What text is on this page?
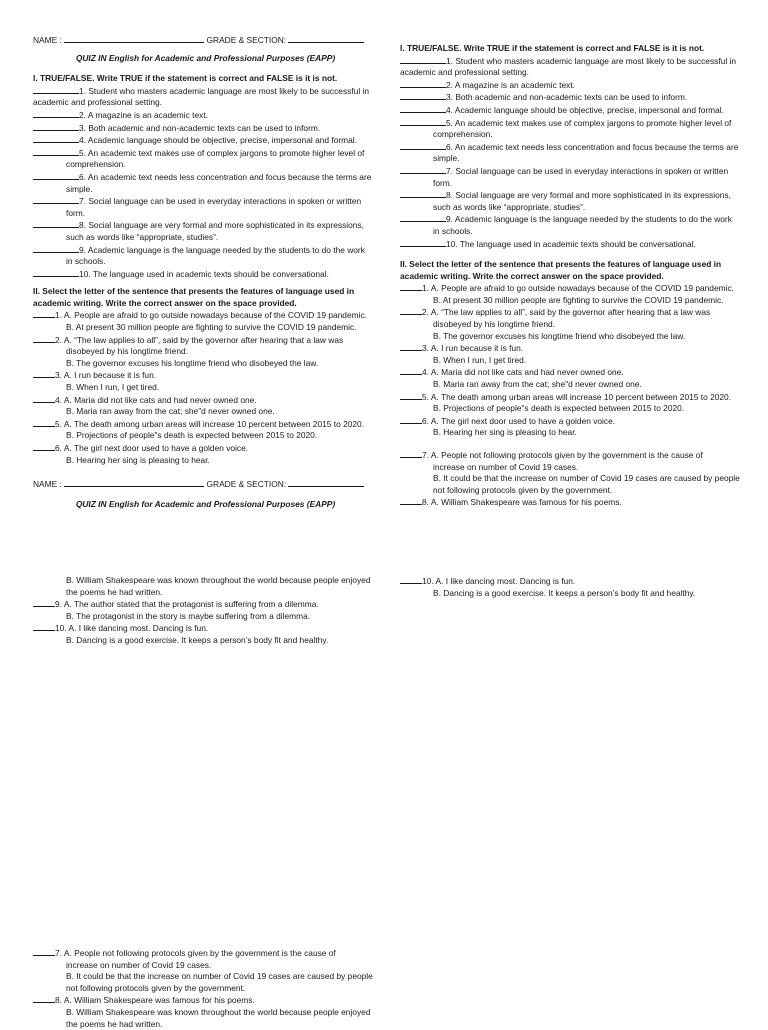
NAME :	GRADE & SECTION:
QUIZ IN English for Academic and Professional Purposes (EAPP)
I. TRUE/FALSE. Write TRUE if the statement is correct and FALSE is it is not.
1. Student who masters academic language are most likely to be successful in
academic and professional setting.
2. A magazine is an academic text.
3. Both academic and non-academic texts can be used to inform.
4. Academic language should be objective, precise, impersonal and formal.
5. An academic text makes use of complex jargons to promote higher level of
comprehension.
6. An academic text needs less concentration and focus because the terms are
simple.
7. Social language can be used in everyday interactions in spoken or written
form.
8. Social language are very formal and more sophisticated in its expressions,
such as words like “appropriate, studies”.
9. Academic language is the language needed by the students to do the work
in schools.
10. The language used in academic texts should be conversational.
II. Select the letter of the sentence that presents the features of language used in
academic writing. Write the correct answer on the space provided.
1. A. People are afraid to go outside nowadays because of the COVID 19 pandemic.
B. At present 30 million people are fighting to survive the COVID 19 pandemic.
2. A. “The law applies to all”, said by the governor after hearing that a law was
disobeyed by his longtime friend.
B. The governor excuses his longtime friend who disobeyed the law.
3. A. I run because it is fun.
B. When I run, I get tired.
4. A. Maria did not like cats and had never owned one.
B. Maria ran away from the cat; she"d never owned one.
5. A. The death among urban areas will increase 10 percent between 2015 to 2020.
B. Projections of people"s death is expected between 2015 to 2020.
6. A. The girl next door used to have a golden voice.
B. Hearing her sing is pleasing to hear.
NAME :	GRADE & SECTION:
QUIZ IN English for Academic and Professional Purposes (EAPP)
B. William Shakespeare was known throughout the world because people enjoyed
the poems he had written.
9. A. The author stated that the protagonist is suffering from a dilemma.
B. The protagonist in the story is maybe suffering from a dilemma.
10. A. I like dancing most. Dancing is fun.
B. Dancing is a good exercise. It keeps a person’s body fit and healthy.
7. A. People not following protocols given by the government is the cause of
increase on number of Covid 19 cases.
B. It could be that the increase on number of Covid 19 cases are caused by people
not following protocols given by the government.
8. A. William Shakespeare was famous for his poems.
B. William Shakespeare was known throughout the world because people enjoyed
the poems he had written.
I. TRUE/FALSE. Write TRUE if the statement is correct and FALSE is it is not.
1. Student who masters academic language are most likely to be successful in
academic and professional setting.
2. A magazine is an academic text.
3. Both academic and non-academic texts can be used to inform.
4. Academic language should be objective, precise, impersonal and formal.
5. An academic text makes use of complex jargons to promote higher level of
comprehension.
6. An academic text needs less concentration and focus because the terms are
simple.
7. Social language can be used in everyday interactions in spoken or written
form.
8. Social language are very formal and more sophisticated in its expressions,
such as words like “appropriate, studies”.
9. Academic language is the language needed by the students to do the work
in schools.
10. The language used in academic texts should be conversational.
II. Select the letter of the sentence that presents the features of language used in
academic writing. Write the correct answer on the space provided.
1. A. People are afraid to go outside nowadays because of the COVID 19 pandemic.
B. At present 30 million people are fighting to survive the COVID 19 pandemic.
2. A. “The law applies to all”, said by the governor after hearing that a law was
disobeyed by his longtime friend.
B. The governor excuses his longtime friend who disobeyed the law.
3. A. I run because it is fun.
B. When I run, I get tired.
4. A. Maria did not like cats and had never owned one.
B. Maria ran away from the cat; she"d never owned one.
5. A. The death among urban areas will increase 10 percent between 2015 to 2020.
B. Projections of people"s death is expected between 2015 to 2020.
6. A. The girl next door used to have a golden voice.
B. Hearing her sing is pleasing to hear.
7. A. People not following protocols given by the government is the cause of
increase on number of Covid 19 cases.
B. It could be that the increase on number of Covid 19 cases are caused by people
not following protocols given by the government.
8. A. William Shakespeare was famous for his poems.
10. A. I like dancing most. Dancing is fun.
B. Dancing is a good exercise. It keeps a person’s body fit and healthy.
